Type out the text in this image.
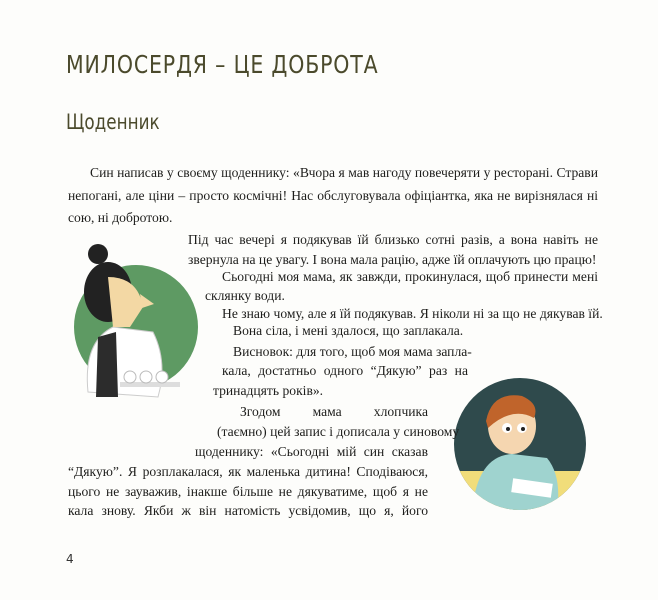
МИЛОСЕРДЯ – ЦЕ ДОБРОТА
Щоденник
Син написав у своєму щоденнику: «Вчора я мав нагоду повечеряти у ресторані. Страви
непогані, але ціни – просто космічні! Нас обслуговувала офіціантка, яка не вирізнялася ні
сою, ні добротою.
Під час вечері я подякував їй близько сотні разів, а вона навіть не
звернула на це увагу. І вона мала рацію, адже їй оплачують цю працю!
Сьогодні моя мама, як завжди, прокинулася, щоб принести мені
склянку води.
Не знаю чому, але я їй подякував. Я ніколи ні за що не дякував їй.
Вона сіла, і мені здалося, що заплакала.
Висновок: для того, щоб моя мама запла-
кала, достатньо одного “Дякую” раз на
тринадцять років».
Згодом мама хлопчика
(таємно) цей запис і дописала у синовому
щоденнику: «Сьогодні мій син сказав
“Дякую”. Я розплакалася, як маленька дитина! Сподіваюся,
цього не зауважив, інакше більше не дякуватиме, щоб я не
кала знову. Якби ж він натомість усвідомив, що я, його
4
